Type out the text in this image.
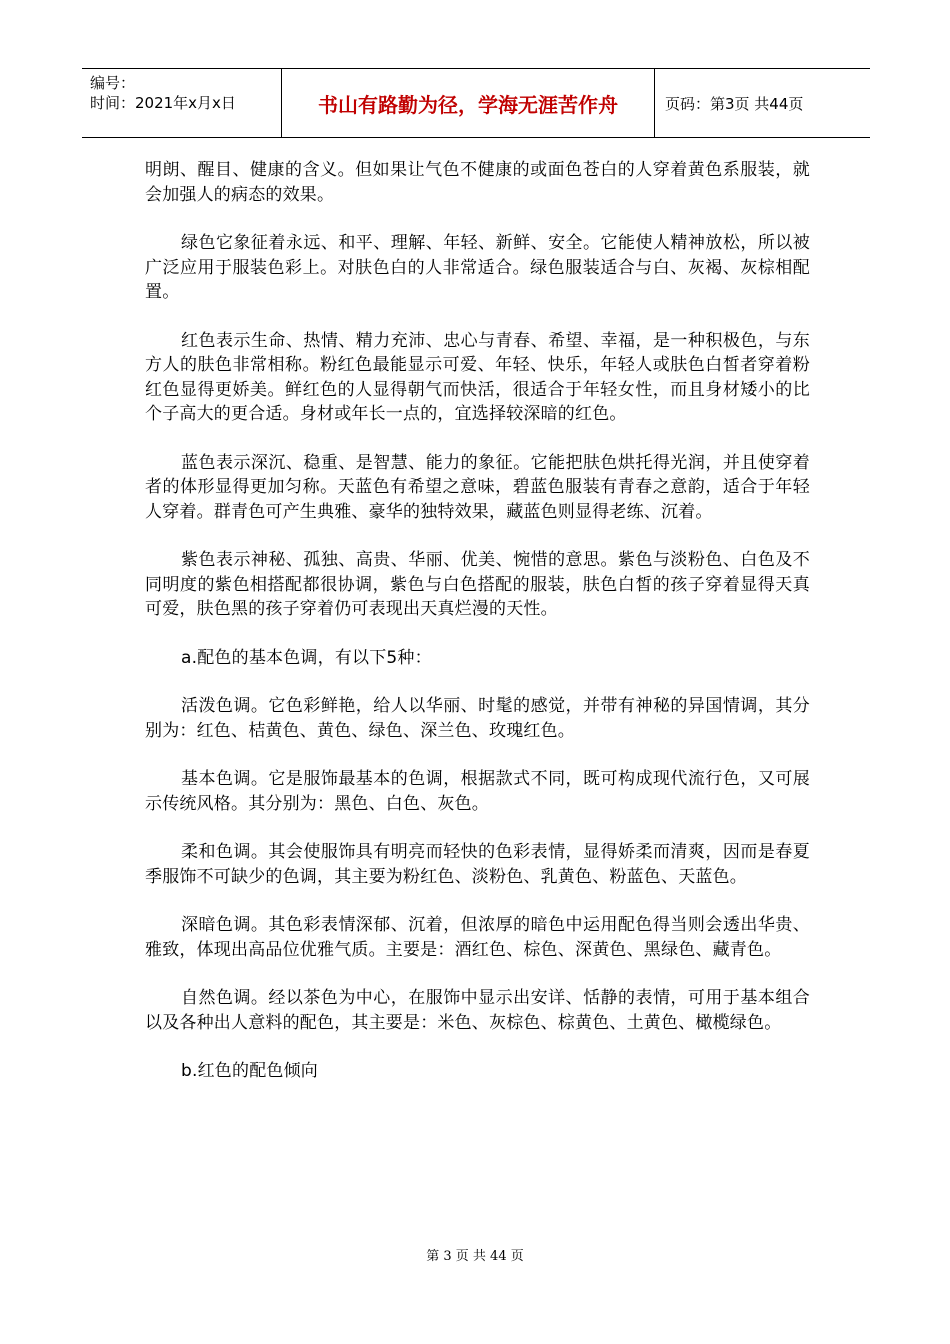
编号：
时间：2021年x月x日	书山有路勤为径，学海无涯苦作舟	页码：第3页 共44页

明朗、醒目、健康的含义。但如果让气色不健康的或面色苍白的人穿着黄色系服装，就会加强人的病态的效果。

绿色它象征着永远、和平、理解、年轻、新鲜、安全。它能使人精神放松，所以被广泛应用于服装色彩上。对肤色白的人非常适合。绿色服装适合与白、灰褐、灰棕相配置。

红色表示生命、热情、精力充沛、忠心与青春、希望、幸福，是一种积极色，与东方人的肤色非常相称。粉红色最能显示可爱、年轻、快乐，年轻人或肤色白皙者穿着粉红色显得更娇美。鲜红色的人显得朝气而快活，很适合于年轻女性，而且身材矮小的比个子高大的更合适。身材或年长一点的，宜选择较深暗的红色。

蓝色表示深沉、稳重、是智慧、能力的象征。它能把肤色烘托得光润，并且使穿着者的体形显得更加匀称。天蓝色有希望之意味，碧蓝色服装有青春之意韵，适合于年轻人穿着。群青色可产生典雅、豪华的独特效果，藏蓝色则显得老练、沉着。

紫色表示神秘、孤独、高贵、华丽、优美、惋惜的意思。紫色与淡粉色、白色及不同明度的紫色相搭配都很协调，紫色与白色搭配的服装，肤色白皙的孩子穿着显得天真可爱，肤色黑的孩子穿着仍可表现出天真烂漫的天性。

a.配色的基本色调，有以下5种：

活泼色调。它色彩鲜艳，给人以华丽、时髦的感觉，并带有神秘的异国情调，其分别为：红色、桔黄色、黄色、绿色、深兰色、玫瑰红色。

基本色调。它是服饰最基本的色调，根据款式不同，既可构成现代流行色，又可展示传统风格。其分别为：黑色、白色、灰色。

柔和色调。其会使服饰具有明亮而轻快的色彩表情，显得娇柔而清爽，因而是春夏季服饰不可缺少的色调，其主要为粉红色、淡粉色、乳黄色、粉蓝色、天蓝色。

深暗色调。其色彩表情深郁、沉着，但浓厚的暗色中运用配色得当则会透出华贵、雅致，体现出高品位优雅气质。主要是：酒红色、棕色、深黄色、黑绿色、藏青色。

自然色调。经以茶色为中心，在服饰中显示出安详、恬静的表情，可用于基本组合以及各种出人意料的配色，其主要是：米色、灰棕色、棕黄色、土黄色、橄榄绿色。

b.红色的配色倾向

第 3 页 共 44 页
